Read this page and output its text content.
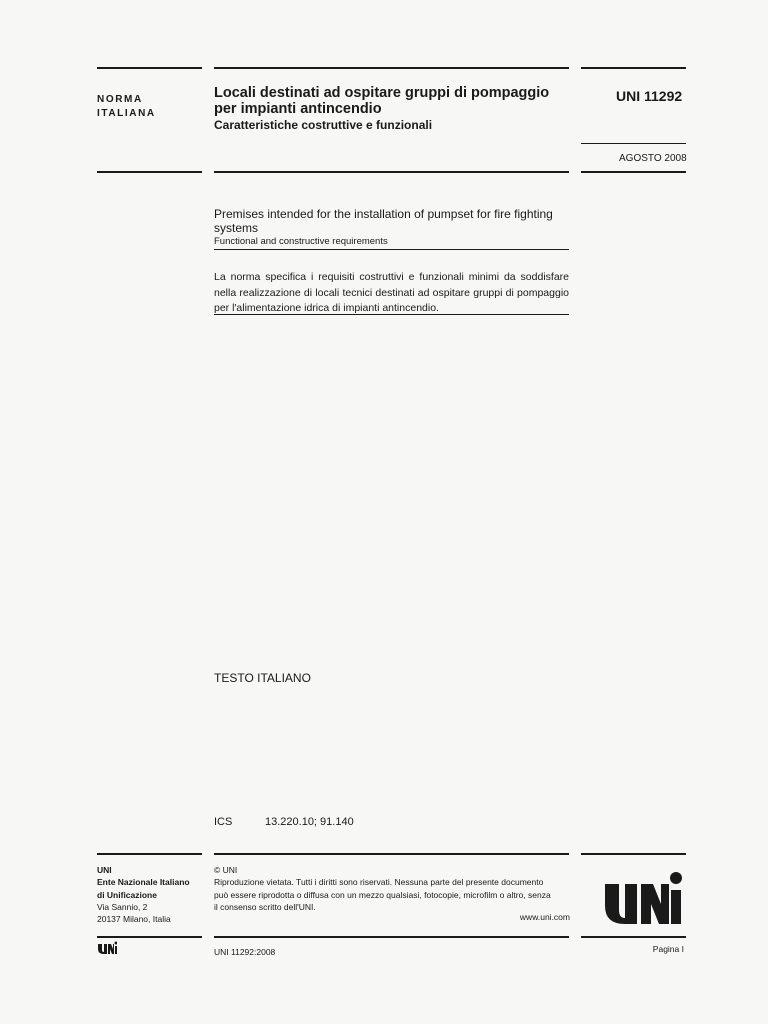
NORMA
ITALIANA
Locali destinati ad ospitare gruppi di pompaggio per impianti antincendio
Caratteristiche costruttive e funzionali
UNI 11292
AGOSTO 2008
Premises intended for the installation of pumpset for fire fighting systems
Functional and constructive requirements
La norma specifica i requisiti costruttivi e funzionali minimi da soddisfare nella realizzazione di locali tecnici destinati ad ospitare gruppi di pompaggio per l'alimentazione idrica di impianti antincendio.
TESTO ITALIANO
ICS	13.220.10; 91.140
UNI
Ente Nazionale Italiano
di Unificazione
Via Sannio, 2
20137 Milano, Italia
© UNI
Riproduzione vietata. Tutti i diritti sono riservati. Nessuna parte del presente documento
può essere riprodotta o diffusa con un mezzo qualsiasi, fotocopie, microfilm o altro, senza
il consenso scritto dell'UNI.
www.uni.com
UNI 11292:2008	Pagina I
